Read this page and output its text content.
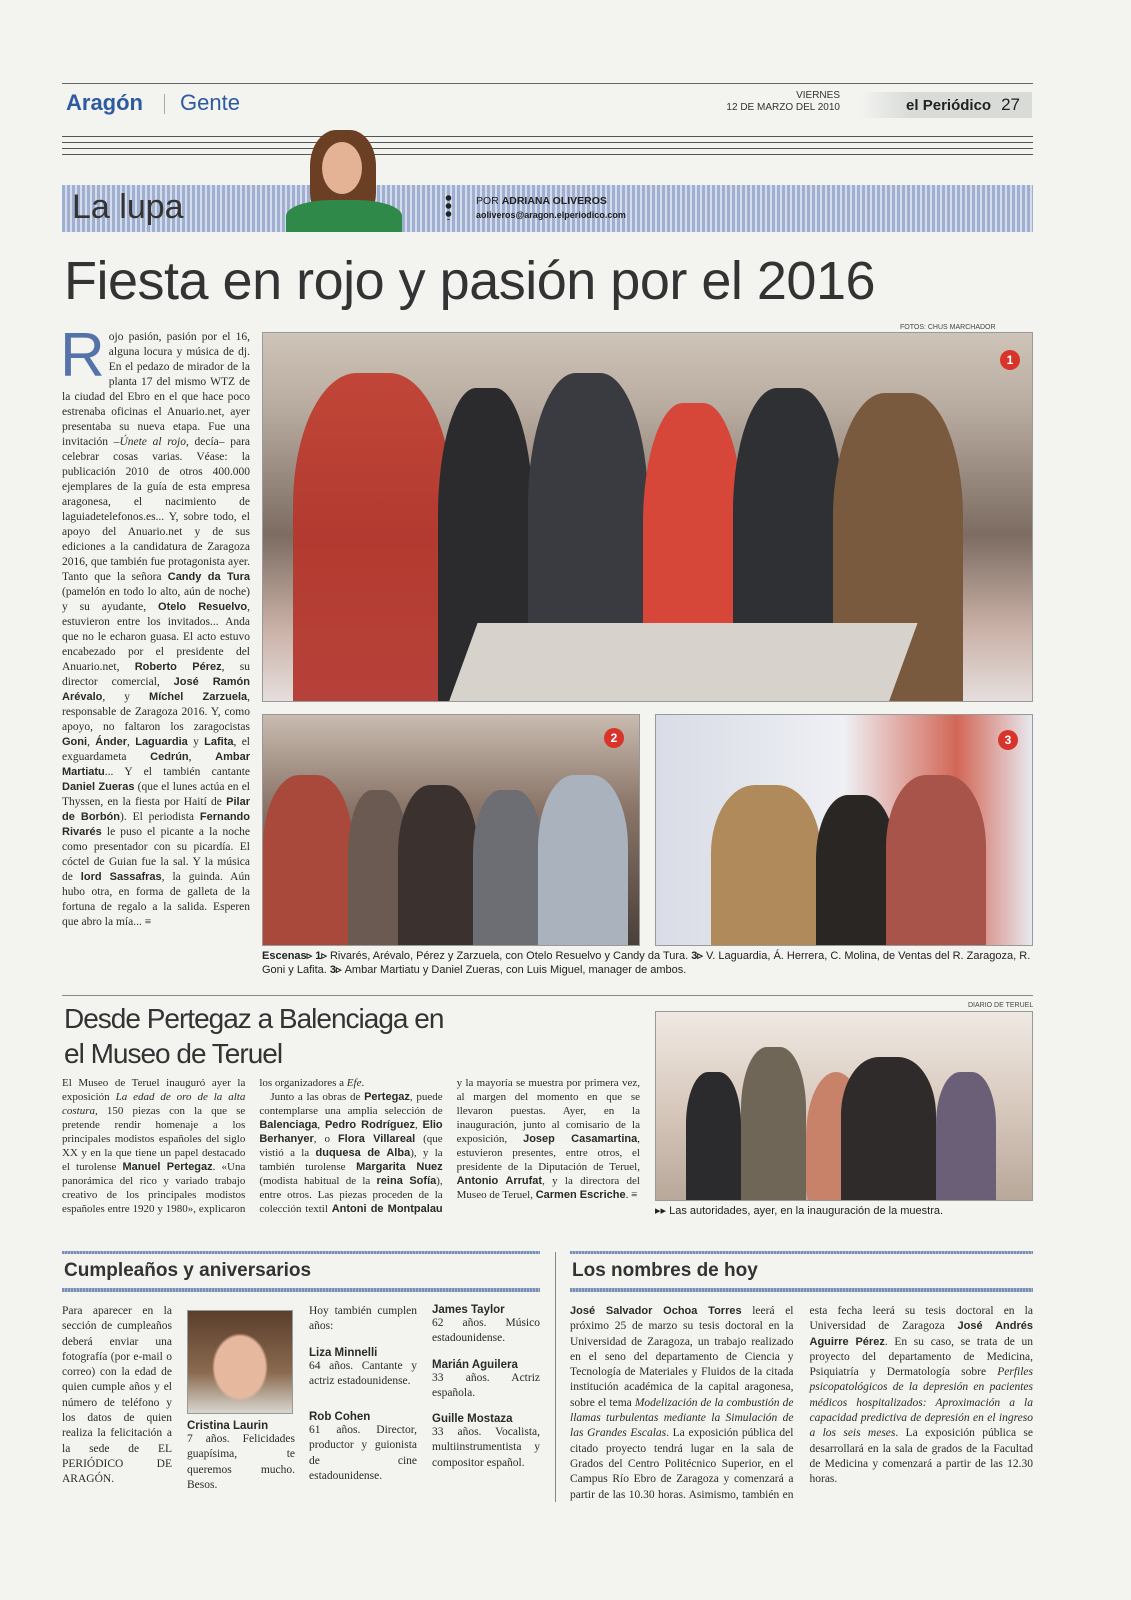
Aragón Gente	VIERNES
12 DE MARZO DEL 2010	el Periódico 27
La lupa	POR ADRIANA OLIVEROS
aoliveros@aragon.elperiodico.com
Fiesta en rojo y pasión por el 2016
R ojo pasión, pasión por el 16, alguna locura y música de dj. En el pedazo de mirador de la planta 17 del mismo WTZ de la ciudad del Ebro en el que hace poco estrenaba oficinas el Anuario.net, ayer presentaba su nueva etapa. Fue una invitación –Únete al rojo, decía– para celebrar cosas varias. Véase: la publicación 2010 de otros 400.000 ejemplares de la guía de esta empresa aragonesa, el nacimiento de laguiadetelefonos.es... Y, sobre todo, el apoyo del Anuario.net y de sus ediciones a la candidatura de Zaragoza 2016, que también fue protagonista ayer. Tanto que la señora Candy da Tura (pamelón en todo lo alto, aún de noche) y su ayudante, Otelo Resuelvo, estuvieron entre los invitados... Anda que no le echaron guasa. El acto estuvo encabezado por el presidente del Anuario.net, Roberto Pérez, su director comercial, José Ramón Arévalo, y Míchel Zarzuela, responsable de Zaragoza 2016. Y, como apoyo, no faltaron los zaragocistas Goni, Ánder, Laguardia y Lafita, el exguardameta Cedrún, Ambar Martiatu... Y el también cantante Daniel Zueras (que el lunes actúa en el Thyssen, en la fiesta por Haití de Pilar de Borbón). El periodista Fernando Rivarés le puso el picante a la noche como presentador con su picardía. El cóctel de Guian fue la sal. Y la música de lord Sassafras, la guinda. Aún hubo otra, en forma de galleta de la fortuna de regalo a la salida. Esperen que abro la mía... ≡
FOTOS: CHUS MARCHADOR
1
2	3
Escenas▹ 1▹ Rivarés, Arévalo, Pérez y Zarzuela, con Otelo Resuelvo y Candy da Tura. 3▹ V. Laguardia, Á. Herrera, C. Molina, de Ventas del R. Zaragoza, R. Goni y Lafita. 3▹ Ambar Martiatu y Daniel Zueras, con Luis Miguel, manager de ambos.
Desde Pertegaz a Balenciaga en el Museo de Teruel
El Museo de Teruel inauguró ayer la exposición La edad de oro de la alta costura, 150 piezas con la que se pretende rendir homenaje a los principales modistos españoles del siglo XX y en la que tiene un papel destacado el turolense Manuel Pertegaz. «Una panorámica del rico y variado trabajo creativo de los principales modistos españoles entre 1920 y 1980», explicaron los organizadores a Efe.
 Junto a las obras de Pertegaz, puede contemplarse una amplia selección de Balenciaga, Pedro Rodríguez, Elio Berhanyer, o Flora Villareal (que vistió a la duquesa de Alba), y la también turolense Margarita Nuez (modista habitual de la reina Sofía), entre otros. Las piezas proceden de la colección textil Antoni de Montpalau y la mayoría se muestra por primera vez, al margen del momento en que se llevaron puestas. Ayer, en la inauguración, junto al comisario de la exposición, Josep Casamartina, estuvieron presentes, entre otros, el presidente de la Diputación de Teruel, Antonio Arrufat, y la directora del Museo de Teruel, Carmen Escriche. ≡
DIARIO DE TERUEL
▸▸ Las autoridades, ayer, en la inauguración de la muestra.
Cumpleaños y aniversarios
Para aparecer en la sección de cumpleaños deberá enviar una fotografía (por e-mail o correo) con la edad de quien cumple años y el número de teléfono y los datos de quien realiza la felicitación a la sede de EL PERIÓDICO DE ARAGÓN.
Cristina Laurin
7 años. Felicidades guapísima, te queremos mucho. Besos.
Hoy también cumplen años:
Liza Minnelli
64 años. Cantante y actriz estadounidense.
Rob Cohen
61 años. Director, productor y guionista de cine estadounidense.
James Taylor
62 años. Músico estadounidense.
Marián Aguilera
33 años. Actriz española.
Guille Mostaza
33 años. Vocalista, multiinstrumentista y compositor español.
Los nombres de hoy
José Salvador Ochoa Torres leerá el próximo 25 de marzo su tesis doctoral en la Universidad de Zaragoza, un trabajo realizado en el seno del departamento de Ciencia y Tecnología de Materiales y Fluidos de la citada institución académica de la capital aragonesa, sobre el tema Modelización de la combustión de llamas turbulentas mediante la Simulación de las Grandes Escalas. La exposición pública del citado proyecto tendrá lugar en la sala de Grados del Centro Politécnico Superior, en el Campus Río Ebro de Zaragoza y comenzará a partir de las 10.30 horas. Asimismo, también en esta fecha leerá su tesis doctoral en la Universidad de Zaragoza José Andrés Aguirre Pérez. En su caso, se trata de un proyecto del departamento de Medicina, Psiquiatría y Dermatología sobre Perfiles psicopatológicos de la depresión en pacientes médicos hospitalizados: Aproximación a la capacidad predictiva de depresión en el ingreso a los seis meses. La exposición pública se desarrollará en la sala de grados de la Facultad de Medicina y comenzará a partir de las 12.30 horas.
